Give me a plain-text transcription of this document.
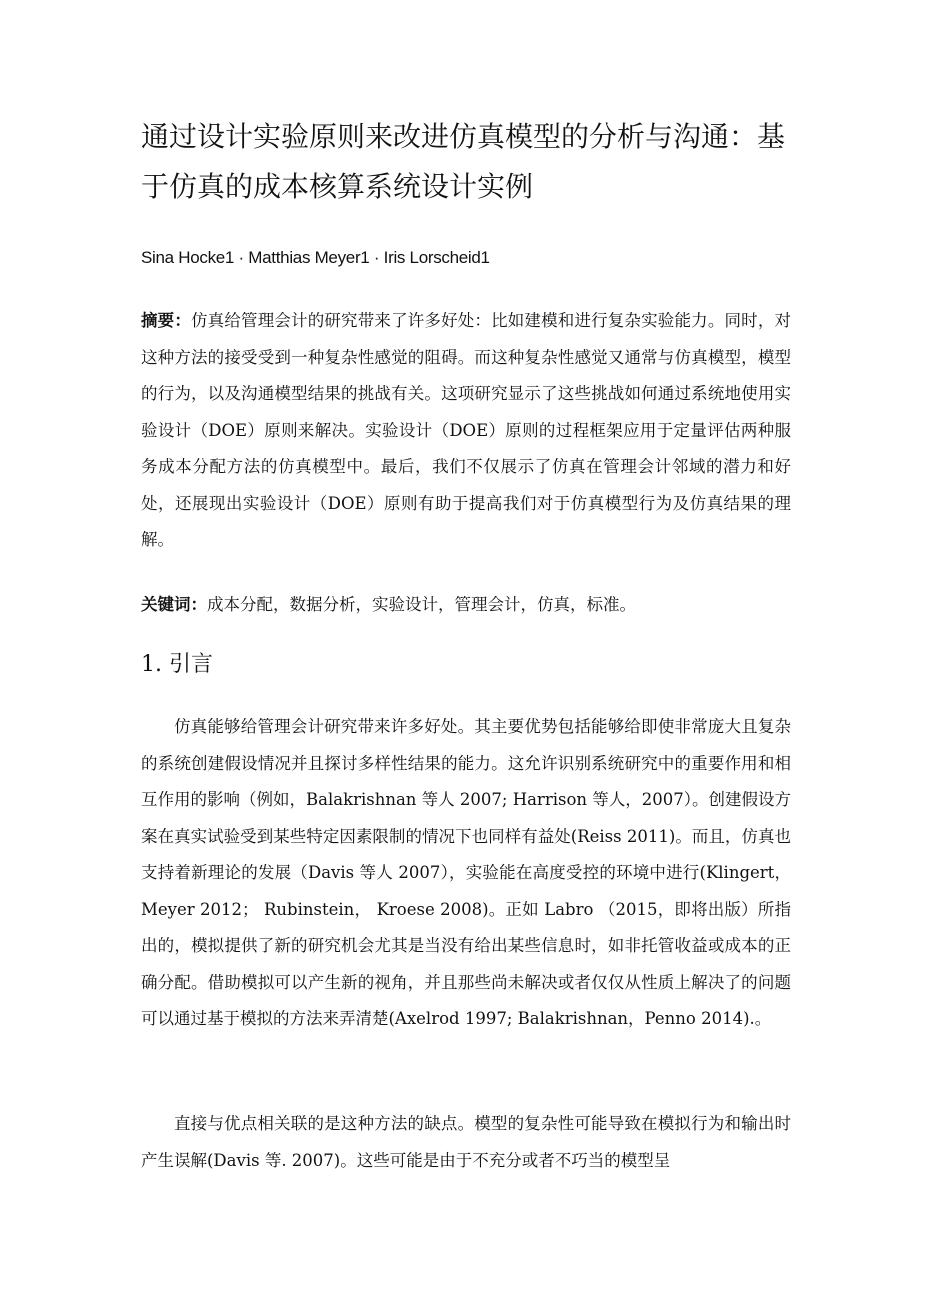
通过设计实验原则来改进仿真模型的分析与沟通：基于仿真的成本核算系统设计实例
Sina Hocke1 · Matthias Meyer1 · Iris Lorscheid1

摘要：仿真给管理会计的研究带来了许多好处：比如建模和进行复杂实验能力。同时，对这种方法的接受受到一种复杂性感觉的阻碍。而这种复杂性感觉又通常与仿真模型，模型的行为，以及沟通模型结果的挑战有关。这项研究显示了这些挑战如何通过系统地使用实验设计（DOE）原则来解决。实验设计（DOE）原则的过程框架应用于定量评估两种服务成本分配方法的仿真模型中。最后，我们不仅展示了仿真在管理会计邻域的潜力和好处，还展现出实验设计（DOE）原则有助于提高我们对于仿真模型行为及仿真结果的理解。

关键词：成本分配，数据分析，实验设计，管理会计，仿真，标准。

1. 引言

仿真能够给管理会计研究带来许多好处。其主要优势包括能够给即使非常庞大且复杂的系统创建假设情况并且探讨多样性结果的能力。这允许识别系统研究中的重要作用和相互作用的影响（例如，Balakrishnan 等人 2007; Harrison 等人，2007）。创建假设方案在真实试验受到某些特定因素限制的情况下也同样有益处(Reiss 2011)。而且，仿真也支持着新理论的发展（Davis 等人 2007），实验能在高度受控的环境中进行(Klingert， Meyer 2012； Rubinstein， Kroese 2008)。正如 Labro （2015，即将出版）所指出的，模拟提供了新的研究机会尤其是当没有给出某些信息时，如非托管收益或成本的正确分配。借助模拟可以产生新的视角，并且那些尚未解决或者仅仅从性质上解决了的问题可以通过基于模拟的方法来弄清楚(Axelrod 1997; Balakrishnan，Penno 2014).。

直接与优点相关联的是这种方法的缺点。模型的复杂性可能导致在模拟行为和输出时产生误解(Davis 等. 2007)。这些可能是由于不充分或者不巧当的模型呈
